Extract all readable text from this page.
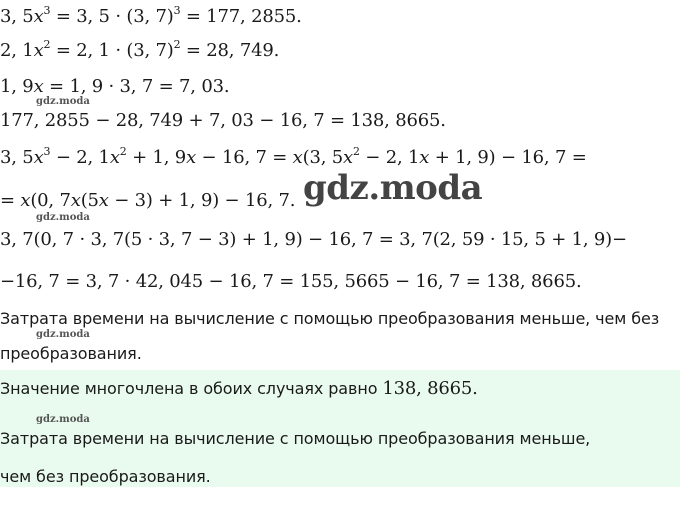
3, $5x^3 = 3$, 5 · (3, 7)$^3$ = 177, 2855.
2, $1x^2 = 2$, 1 · (3, 7)$^2$ = 28, 749.
1, 9x = 1, 9 · 3, 7 = 7, 03.
gdz.moda
177, 2855 − 28, 749 + 7, 03 − 16, 7 = 138, 8665.
3, $5x^3 - 2$, $1x^2 + 1$, 9x − 16, 7 = x(3, $5x^2 - 2$, 1x + 1, 9) − 16, 7 =
gdz.moda
= x(0, 7x(5x − 3) + 1, 9) − 16, 7.
gdz.moda
3, 7(0, 7 · 3, 7(5 · 3, 7 − 3) + 1, 9) − 16, 7 = 3, 7(2, 59 · 15, 5 + 1, 9)−
−16, 7 = 3, 7 · 42, 045 − 16, 7 = 155, 5665 − 16, 7 = 138, 8665.
Затрата времени на вычисление с помощью преобразования меньше, чем без
gdz.moda
преобразования.
Значение многочлена в обоих случаях равно 138, 8665.
gdz.moda
Затрата времени на вычисление с помощью преобразования меньше,
чем без преобразования.
